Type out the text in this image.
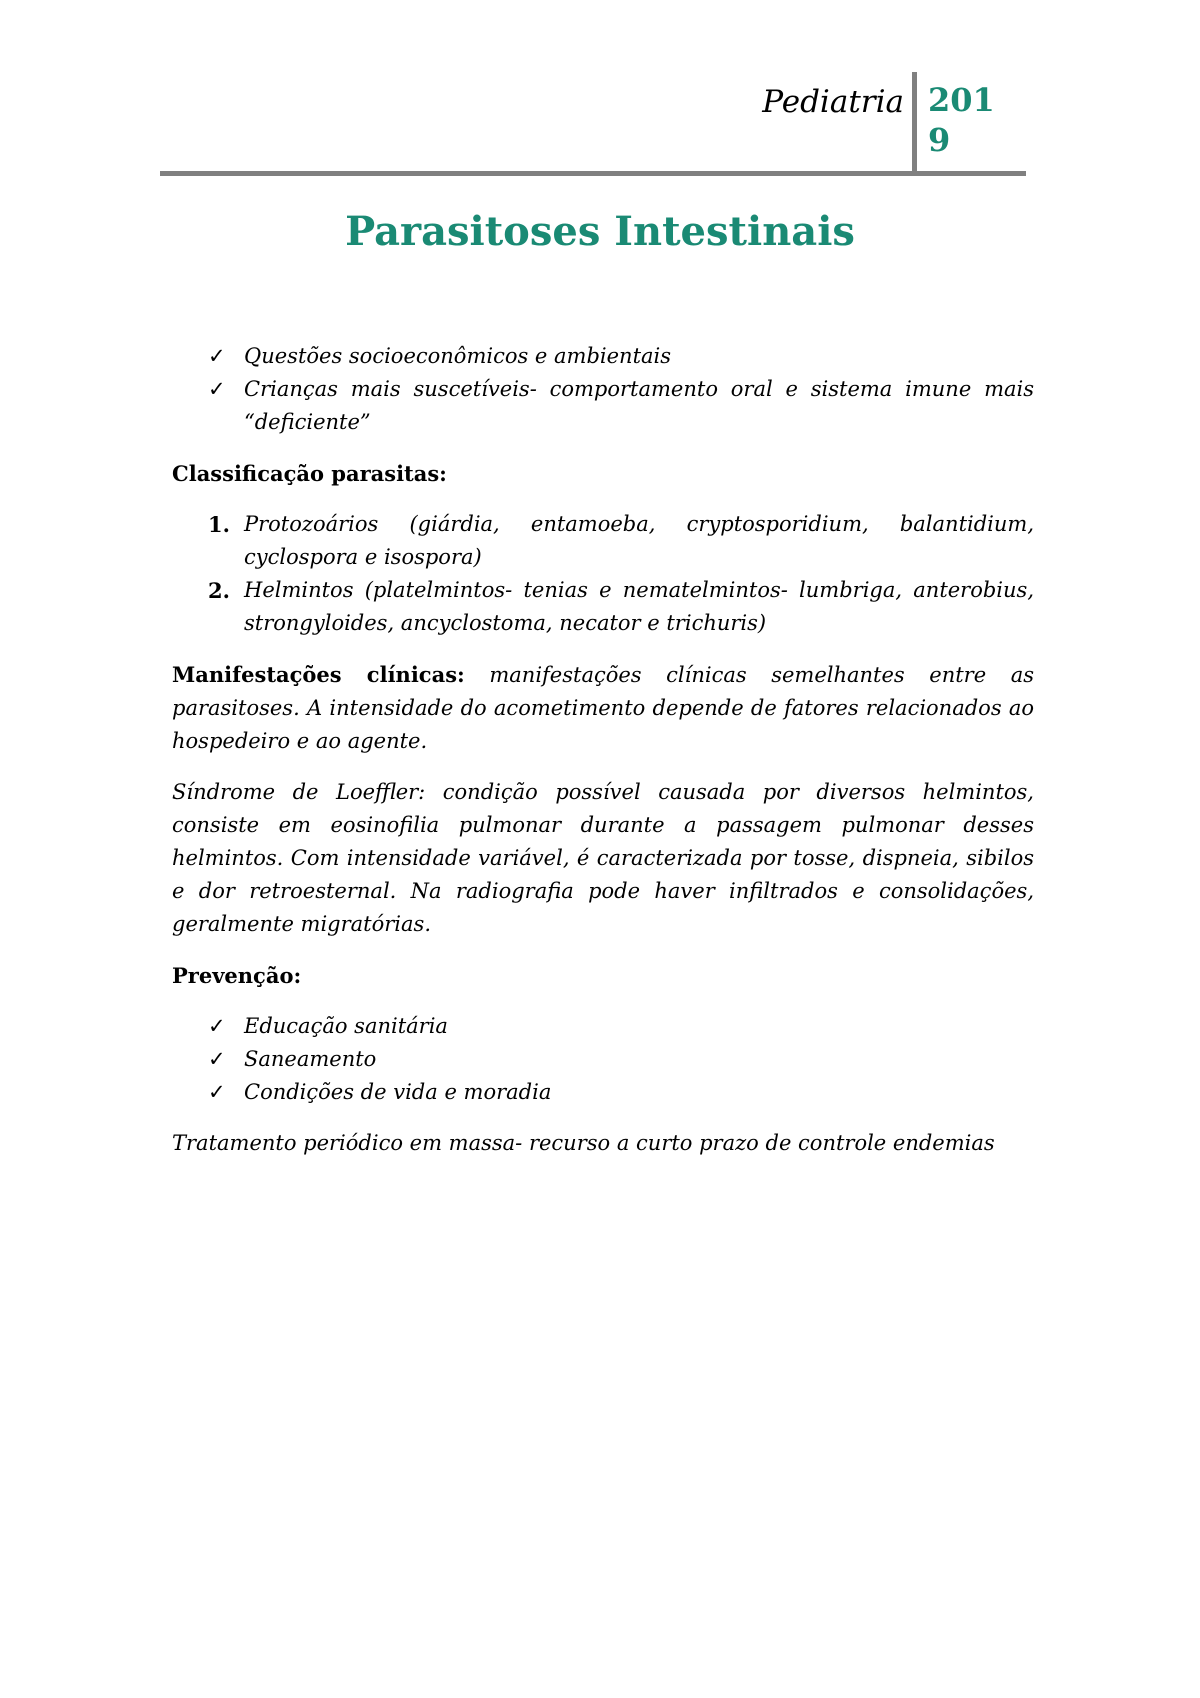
Pediatria 2019
Parasitoses Intestinais
✓ Questões socioeconômicos e ambientais
✓ Crianças mais suscetíveis- comportamento oral e sistema imune mais “deficiente”
Classificação parasitas:
1. Protozoários (giárdia, entamoeba, cryptosporidium, balantidium, cyclospora e isospora)
2. Helmintos (platelmintos- tenias e nematelmintos- lumbriga, anterobius, strongyloides, ancyclostoma, necator e trichuris)

Manifestações clínicas: manifestações clínicas semelhantes entre as parasitoses. A intensidade do acometimento depende de fatores relacionados ao hospedeiro e ao agente.

Síndrome de Loeffler: condição possível causada por diversos helmintos, consiste em eosinofilia pulmonar durante a passagem pulmonar desses helmintos. Com intensidade variável, é caracterizada por tosse, dispneia, sibilos e dor retroesternal. Na radiografia pode haver infiltrados e consolidações, geralmente migratórias.

Prevenção:
✓ Educação sanitária
✓ Saneamento
✓ Condições de vida e moradia

Tratamento periódico em massa- recurso a curto prazo de controle endemias
